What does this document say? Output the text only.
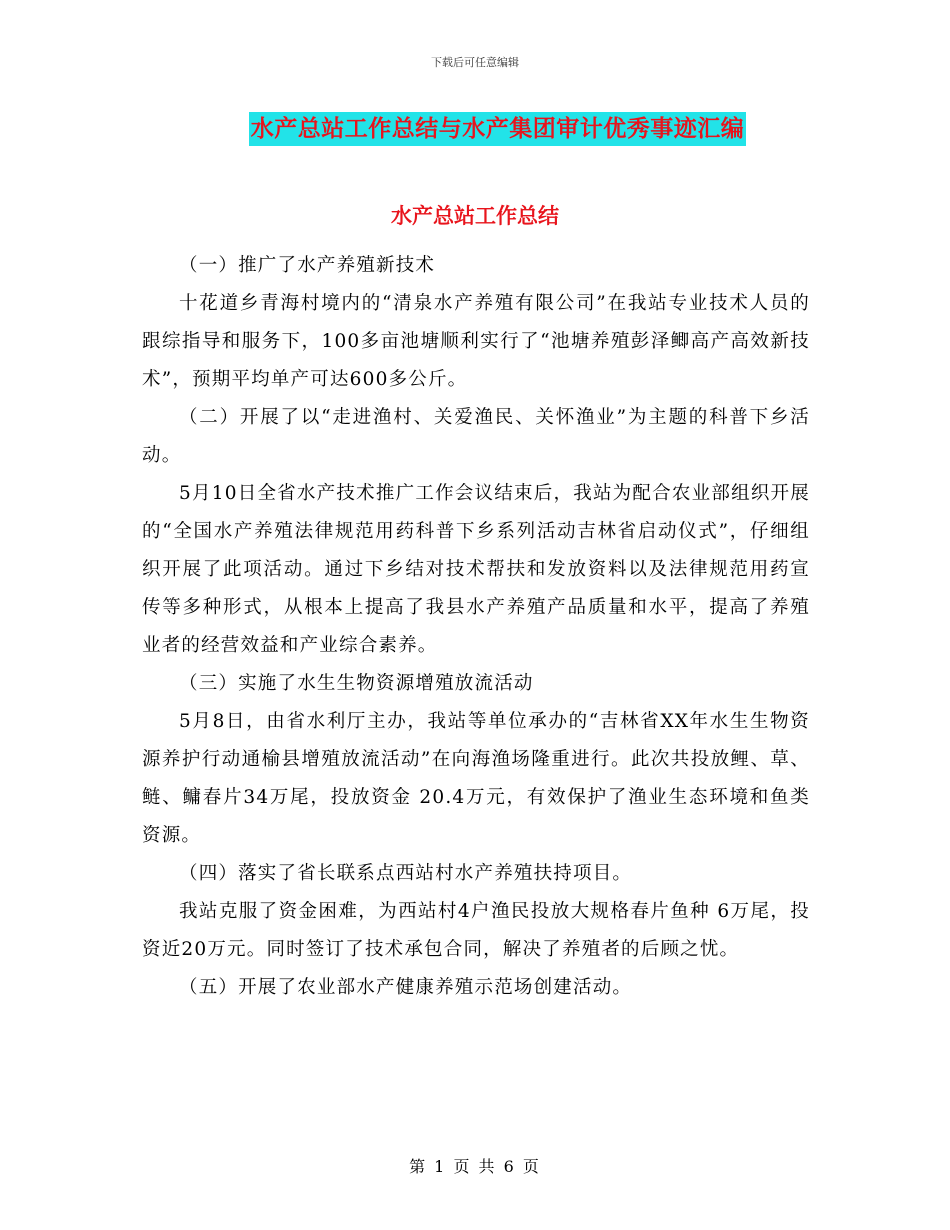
下载后可任意编辑
水产总站工作总结与水产集团审计优秀事迹汇编
水产总站工作总结

（一）推广了水产养殖新技术

十花道乡青海村境内的“清泉水产养殖有限公司”在我站专业技术人员的跟综指导和服务下，100多亩池塘顺利实行了“池塘养殖彭泽鲫高产高效新技术”，预期平均单产可达600多公斤。

（二）开展了以“走进渔村、关爱渔民、关怀渔业”为主题的科普下乡活动。

5月10日全省水产技术推广工作会议结束后，我站为配合农业部组织开展的“全国水产养殖法律规范用药科普下乡系列活动吉林省启动仪式”，仔细组织开展了此项活动。通过下乡结对技术帮扶和发放资料以及法律规范用药宣传等多种形式，从根本上提高了我县水产养殖产品质量和水平，提高了养殖业者的经营效益和产业综合素养。

（三）实施了水生生物资源增殖放流活动

5月8日，由省水利厅主办，我站等单位承办的“吉林省XX年水生生物资源养护行动通榆县增殖放流活动”在向海渔场隆重进行。此次共投放鲤、草、鲢、鳙春片34万尾，投放资金 20.4万元，有效保护了渔业生态环境和鱼类资源。

（四）落实了省长联系点西站村水产养殖扶持项目。

我站克服了资金困难，为西站村4户渔民投放大规格春片鱼种 6万尾，投资近20万元。同时签订了技术承包合同，解决了养殖者的后顾之忧。

（五）开展了农业部水产健康养殖示范场创建活动。

第 1 页 共 6 页
